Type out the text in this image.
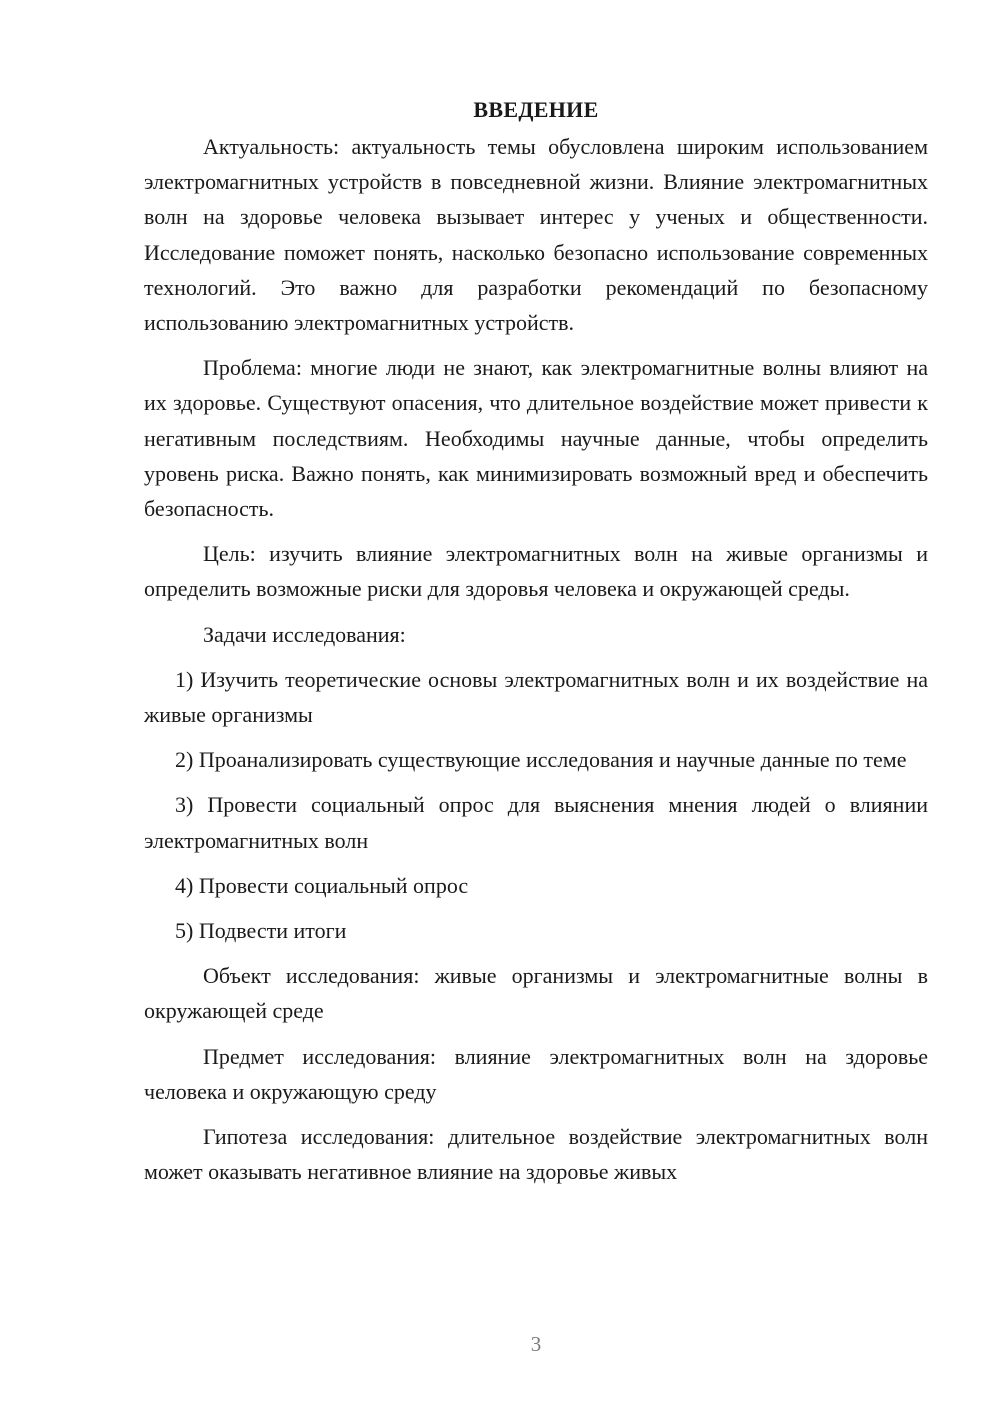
ВВЕДЕНИЕ

Актуальность: актуальность темы обусловлена широким использованием электромагнитных устройств в повседневной жизни. Влияние электромагнитных волн на здоровье человека вызывает интерес у ученых и общественности. Исследование поможет понять, насколько безопасно использование современных технологий. Это важно для разработки рекомендаций по безопасному использованию электромагнитных устройств.

Проблема: многие люди не знают, как электромагнитные волны влияют на их здоровье. Существуют опасения, что длительное воздействие может привести к негативным последствиям. Необходимы научные данные, чтобы определить уровень риска. Важно понять, как минимизировать возможный вред и обеспечить безопасность.

Цель: изучить влияние электромагнитных волн на живые организмы и определить возможные риски для здоровья человека и окружающей среды.

Задачи исследования:

1) Изучить теоретические основы электромагнитных волн и их воздействие на живые организмы

2) Проанализировать существующие исследования и научные данные по теме

3) Провести социальный опрос для выяснения мнения людей о влиянии электромагнитных волн

4) Провести социальный опрос

5) Подвести итоги

Объект исследования: живые организмы и электромагнитные волны в окружающей среде

Предмет исследования: влияние электромагнитных волн на здоровье человека и окружающую среду

Гипотеза исследования: длительное воздействие электромагнитных волн может оказывать негативное влияние на здоровье живых

3
